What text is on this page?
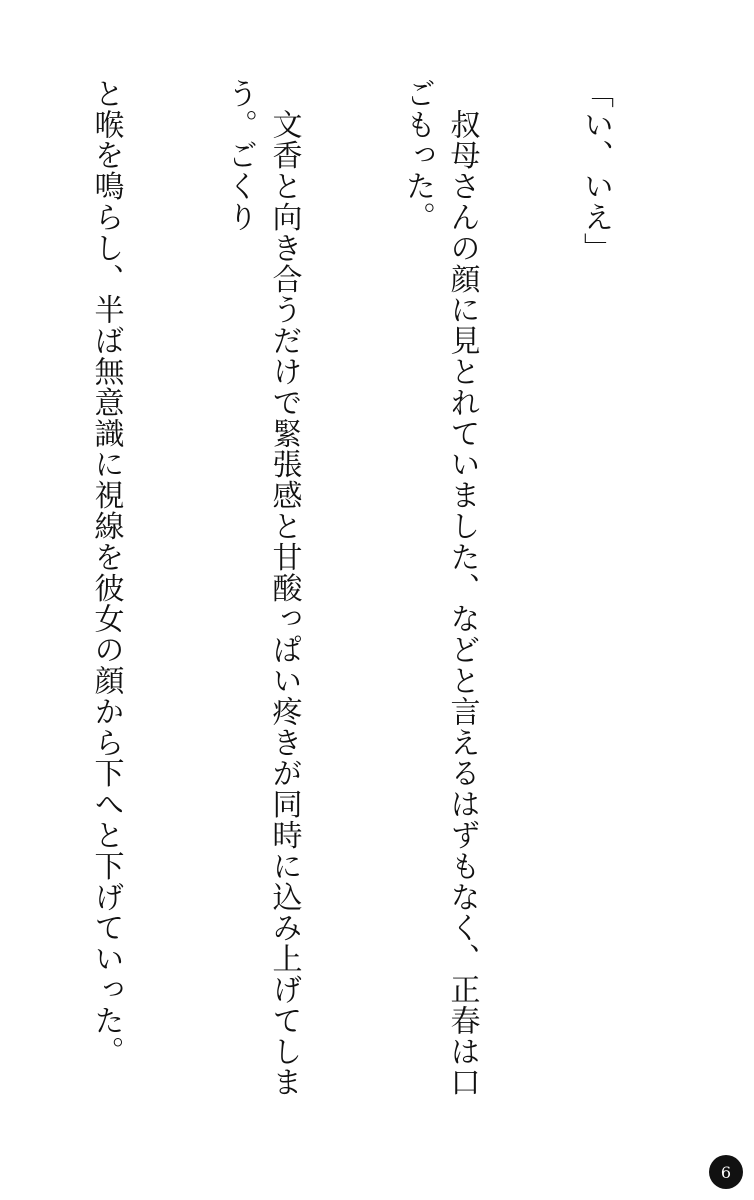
「い、いえ」

　叔母さんの顔に見とれていました、などと言えるはずもなく、正春は口ごもった。

　文香と向き合うだけで緊張感と甘酸っぱい疼きが同時に込み上げてしまう。ごくり

と喉を鳴らし、半ば無意識に視線を彼女の顔から下へと下げていった。

6
